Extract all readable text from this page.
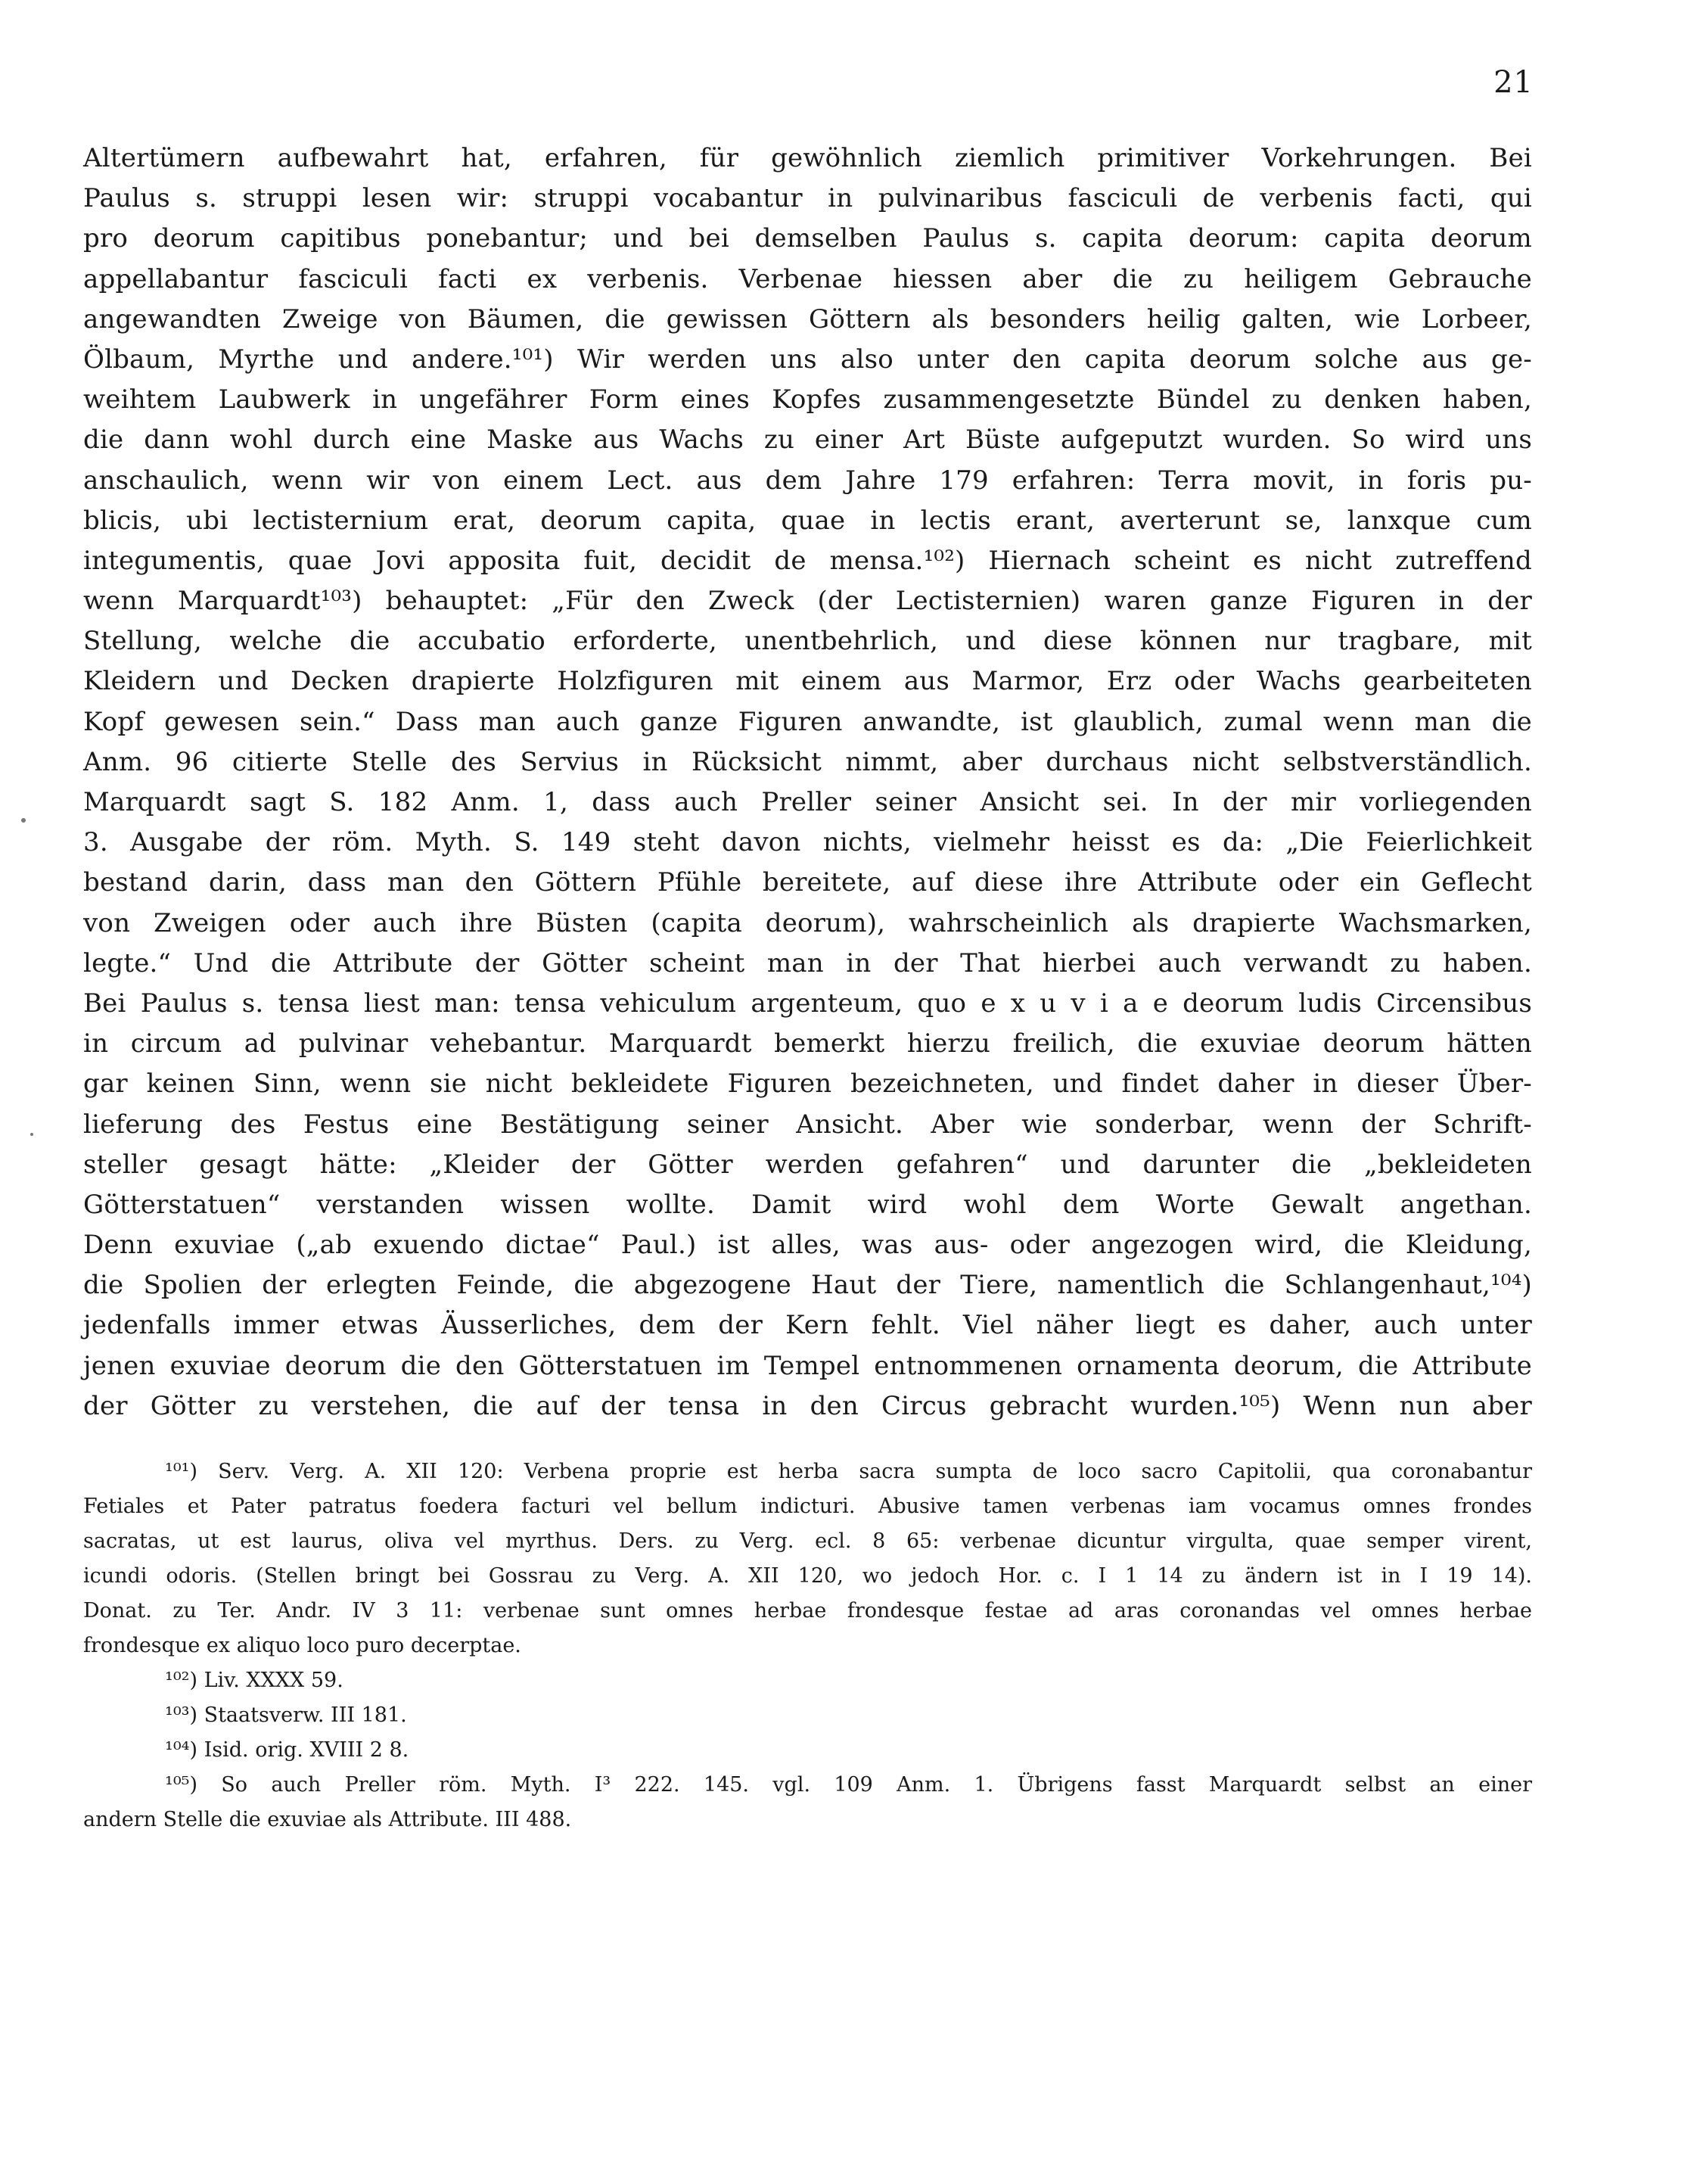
21
Altertümern aufbewahrt hat, erfahren, für gewöhnlich ziemlich primitiver Vorkehrungen. Bei
Paulus s. struppi lesen wir: struppi vocabantur in pulvinaribus fasciculi de verbenis facti, qui
pro deorum capitibus ponebantur; und bei demselben Paulus s. capita deorum: capita deorum
appellabantur fasciculi facti ex verbenis. Verbenae hiessen aber die zu heiligem Gebrauche
angewandten Zweige von Bäumen, die gewissen Göttern als besonders heilig galten, wie Lorbeer,
Ölbaum, Myrthe und andere.¹⁰¹) Wir werden uns also unter den capita deorum solche aus ge-
weihtem Laubwerk in ungefährer Form eines Kopfes zusammengesetzte Bündel zu denken haben,
die dann wohl durch eine Maske aus Wachs zu einer Art Büste aufgeputzt wurden. So wird uns
anschaulich, wenn wir von einem Lect. aus dem Jahre 179 erfahren: Terra movit, in foris pu-
blicis, ubi lectisternium erat, deorum capita, quae in lectis erant, averterunt se, lanxque cum
integumentis, quae Jovi apposita fuit, decidit de mensa.¹⁰²) Hiernach scheint es nicht zutreffend
wenn Marquardt¹⁰³) behauptet: „Für den Zweck (der Lectisternien) waren ganze Figuren in der
Stellung, welche die accubatio erforderte, unentbehrlich, und diese können nur tragbare, mit
Kleidern und Decken drapierte Holzfiguren mit einem aus Marmor, Erz oder Wachs gearbeiteten
Kopf gewesen sein.“ Dass man auch ganze Figuren anwandte, ist glaublich, zumal wenn man die
Anm. 96 citierte Stelle des Servius in Rücksicht nimmt, aber durchaus nicht selbstverständlich.
Marquardt sagt S. 182 Anm. 1, dass auch Preller seiner Ansicht sei. In der mir vorliegenden
3. Ausgabe der röm. Myth. S. 149 steht davon nichts, vielmehr heisst es da: „Die Feierlichkeit
bestand darin, dass man den Göttern Pfühle bereitete, auf diese ihre Attribute oder ein Geflecht
von Zweigen oder auch ihre Büsten (capita deorum), wahrscheinlich als drapierte Wachsmarken,
legte.“ Und die Attribute der Götter scheint man in der That hierbei auch verwandt zu haben.
Bei Paulus s. tensa liest man: tensa vehiculum argenteum, quo e x u v i a e deorum ludis Circensibus
in circum ad pulvinar vehebantur. Marquardt bemerkt hierzu freilich, die exuviae deorum hätten
gar keinen Sinn, wenn sie nicht bekleidete Figuren bezeichneten, und findet daher in dieser Über-
lieferung des Festus eine Bestätigung seiner Ansicht. Aber wie sonderbar, wenn der Schrift-
steller gesagt hätte: „Kleider der Götter werden gefahren“ und darunter die „bekleideten
Götterstatuen“ verstanden wissen wollte. Damit wird wohl dem Worte Gewalt angethan.
Denn exuviae („ab exuendo dictae“ Paul.) ist alles, was aus- oder angezogen wird, die Kleidung,
die Spolien der erlegten Feinde, die abgezogene Haut der Tiere, namentlich die Schlangenhaut,¹⁰⁴)
jedenfalls immer etwas Äusserliches, dem der Kern fehlt. Viel näher liegt es daher, auch unter
jenen exuviae deorum die den Götterstatuen im Tempel entnommenen ornamenta deorum, die Attribute
der Götter zu verstehen, die auf der tensa in den Circus gebracht wurden.¹⁰⁵) Wenn nun aber
¹⁰¹) Serv. Verg. A. XII 120: Verbena proprie est herba sacra sumpta de loco sacro Capitolii, qua coronabantur
Fetiales et Pater patratus foedera facturi vel bellum indicturi. Abusive tamen verbenas iam vocamus omnes frondes
sacratas, ut est laurus, oliva vel myrthus. Ders. zu Verg. ecl. 8 65: verbenae dicuntur virgulta, quae semper virent,
icundi odoris. (Stellen bringt bei Gossrau zu Verg. A. XII 120, wo jedoch Hor. c. I 1 14 zu ändern ist in I 19 14).
Donat. zu Ter. Andr. IV 3 11: verbenae sunt omnes herbae frondesque festae ad aras coronandas vel omnes herbae
frondesque ex aliquo loco puro decerptae.
¹⁰²) Liv. XXXX 59.
¹⁰³) Staatsverw. III 181.
¹⁰⁴) Isid. orig. XVIII 2 8.
¹⁰⁵) So auch Preller röm. Myth. I³ 222. 145. vgl. 109 Anm. 1. Übrigens fasst Marquardt selbst an einer
andern Stelle die exuviae als Attribute. III 488.
